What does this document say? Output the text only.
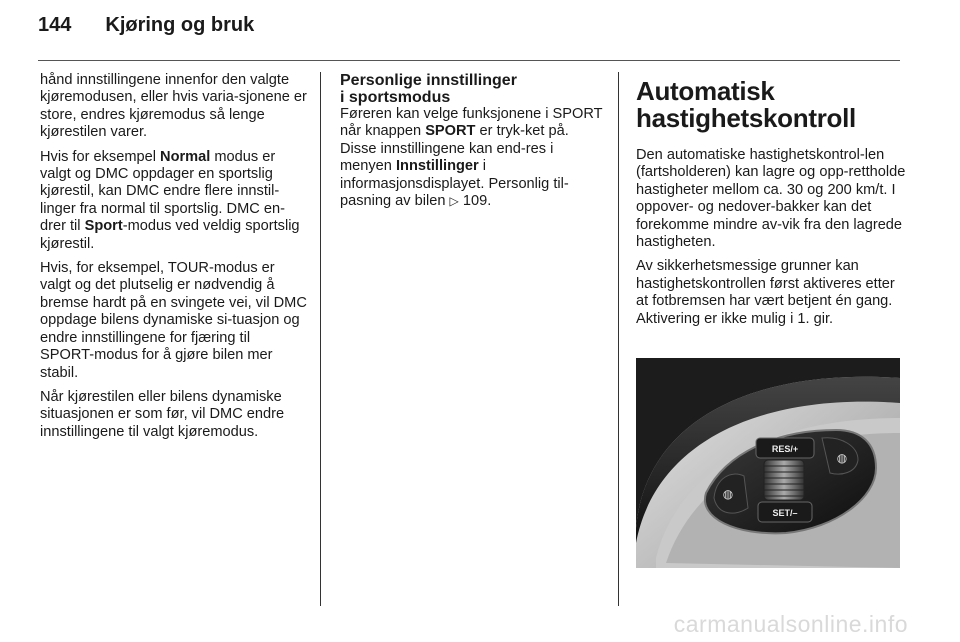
144 Kjøring og bruk

hånd innstillingene innenfor den valgte kjøremodusen, eller hvis varia-sjonene er store, endres kjøremodus så lenge kjørestilen varer.

Hvis for eksempel Normal modus er valgt og DMC oppdager en sportslig kjørestil, kan DMC endre flere innstil-linger fra normal til sportslig. DMC en-drer til Sport-modus ved veldig sportslig kjørestil.

Hvis, for eksempel, TOUR-modus er valgt og det plutselig er nødvendig å bremse hardt på en svingete vei, vil DMC oppdage bilens dynamiske si-tuasjon og endre innstillingene for fjæring til SPORT-modus for å gjøre bilen mer stabil.

Når kjørestilen eller bilens dynamiske situasjonen er som før, vil DMC endre innstillingene til valgt kjøremodus.

Personlige innstillinger
i sportsmodus

Føreren kan velge funksjonene i SPORT når knappen SPORT er tryk-ket på. Disse innstillingene kan end-res i menyen Innstillinger i informasjonsdisplayet. Personlig til-pasning av bilen ▷ 109.

Automatisk hastighetskontroll

Den automatiske hastighetskontrol-len (fartsholderen) kan lagre og opp-rettholde hastigheter mellom ca. 30 og 200 km/t. I oppover- og nedover-bakker kan det forekomme mindre av-vik fra den lagrede hastigheten.

Av sikkerhetsmessige grunner kan hastighetskontrollen først aktiveres etter at fotbremsen har vært betjent én gang. Aktivering er ikke mulig i 1. gir.

◍
◍
RES/+
SET/–
carmanualsonline.info
